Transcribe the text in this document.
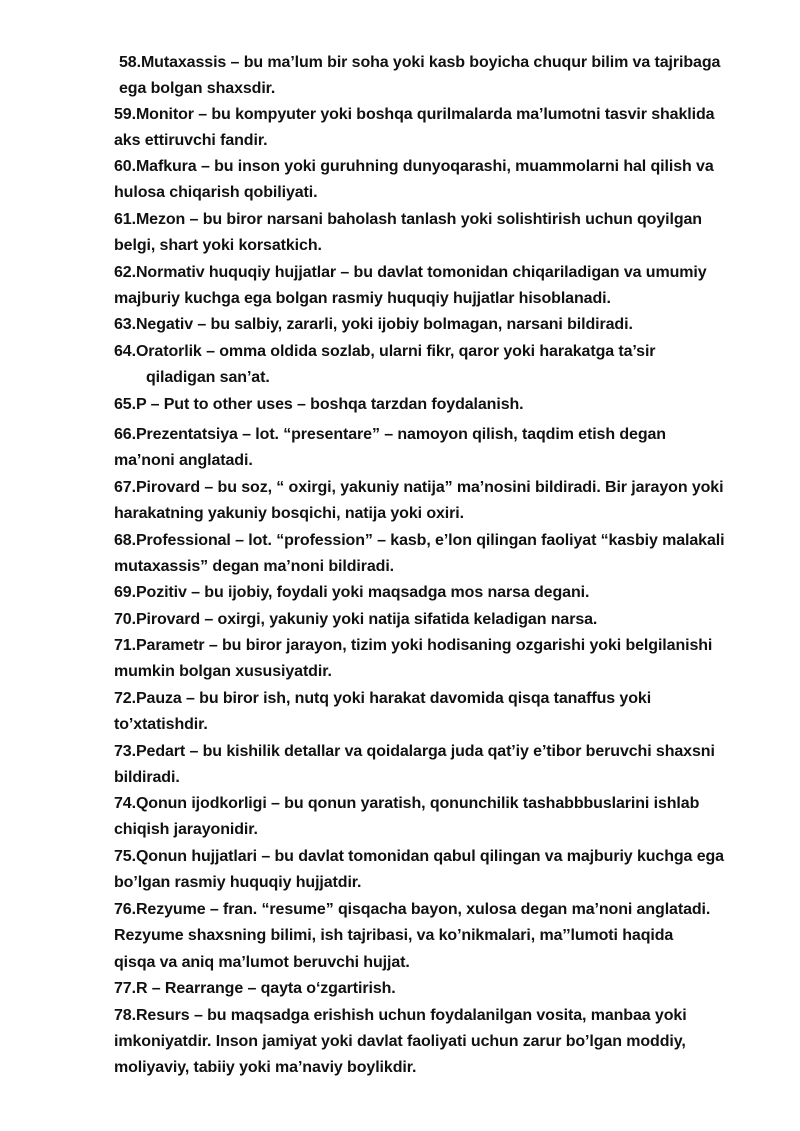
58.Mutaxassis – bu ma’lum bir soha yoki kasb boyicha chuqur bilim va tajribaga
ega bolgan shaxsdir.
59.Monitor – bu kompyuter yoki boshqa qurilmalarda ma’lumotni tasvir shaklida
aks ettiruvchi fandir.
60.Mafkura – bu inson yoki guruhning dunyoqarashi, muammolarni hal qilish va
hulosa chiqarish qobiliyati.
61.Mezon – bu biror narsani baholash tanlash yoki solishtirish uchun qoyilgan
belgi, shart yoki korsatkich.
62.Normativ huquqiy hujjatlar – bu davlat tomonidan chiqariladigan va umumiy
majburiy kuchga ega bolgan rasmiy huquqiy hujjatlar hisoblanadi.
63.Negativ – bu salbiy, zararli, yoki ijobiy bolmagan, narsani bildiradi.
64.Oratorlik – omma oldida sozlab, ularni fikr, qaror yoki harakatga ta’sir
qiladigan san’at.
65.P – Put to other uses – boshqa tarzdan foydalanish.
66.Prezentatsiya – lot. “presentare” – namoyon qilish, taqdim etish degan
ma’noni anglatadi.
67.Pirovard – bu soz, “ oxirgi, yakuniy natija” ma’nosini bildiradi. Bir jarayon yoki
harakatning yakuniy bosqichi, natija yoki oxiri.
68.Professional – lot. “profession” – kasb, e’lon qilingan faoliyat “kasbiy malakali
mutaxassis” degan ma’noni bildiradi.
69.Pozitiv – bu ijobiy, foydali yoki maqsadga mos narsa degani.
70.Pirovard – oxirgi, yakuniy yoki natija sifatida keladigan narsa.
71.Parametr – bu biror jarayon, tizim yoki hodisaning ozgarishi yoki belgilanishi
mumkin bolgan xususiyatdir.
72.Pauza – bu biror ish, nutq yoki harakat davomida qisqa tanaffus yoki
to’xtatishdir.
73.Pedart – bu kishilik detallar va qoidalarga juda qat’iy e’tibor beruvchi shaxsni
bildiradi.
74.Qonun ijodkorligi – bu qonun yaratish, qonunchilik tashabbbuslarini ishlab
chiqish jarayonidir.
75.Qonun hujjatlari – bu davlat tomonidan qabul qilingan va majburiy kuchga ega
bo’lgan rasmiy huquqiy hujjatdir.
76.Rezyume – fran. “resume” qisqacha bayon, xulosa degan ma’noni anglatadi.
Rezyume shaxsning bilimi, ish tajribasi, va ko’nikmalari, ma’’lumoti haqida
qisqa va aniq ma’lumot beruvchi hujjat.
77.R – Rearrange – qayta o‘zgartirish.
78.Resurs – bu maqsadga erishish uchun foydalanilgan vosita, manbaa yoki
imkoniyatdir. Inson jamiyat yoki davlat faoliyati uchun zarur bo’lgan moddiy,
moliyaviy, tabiiy yoki ma’naviy boylikdir.
